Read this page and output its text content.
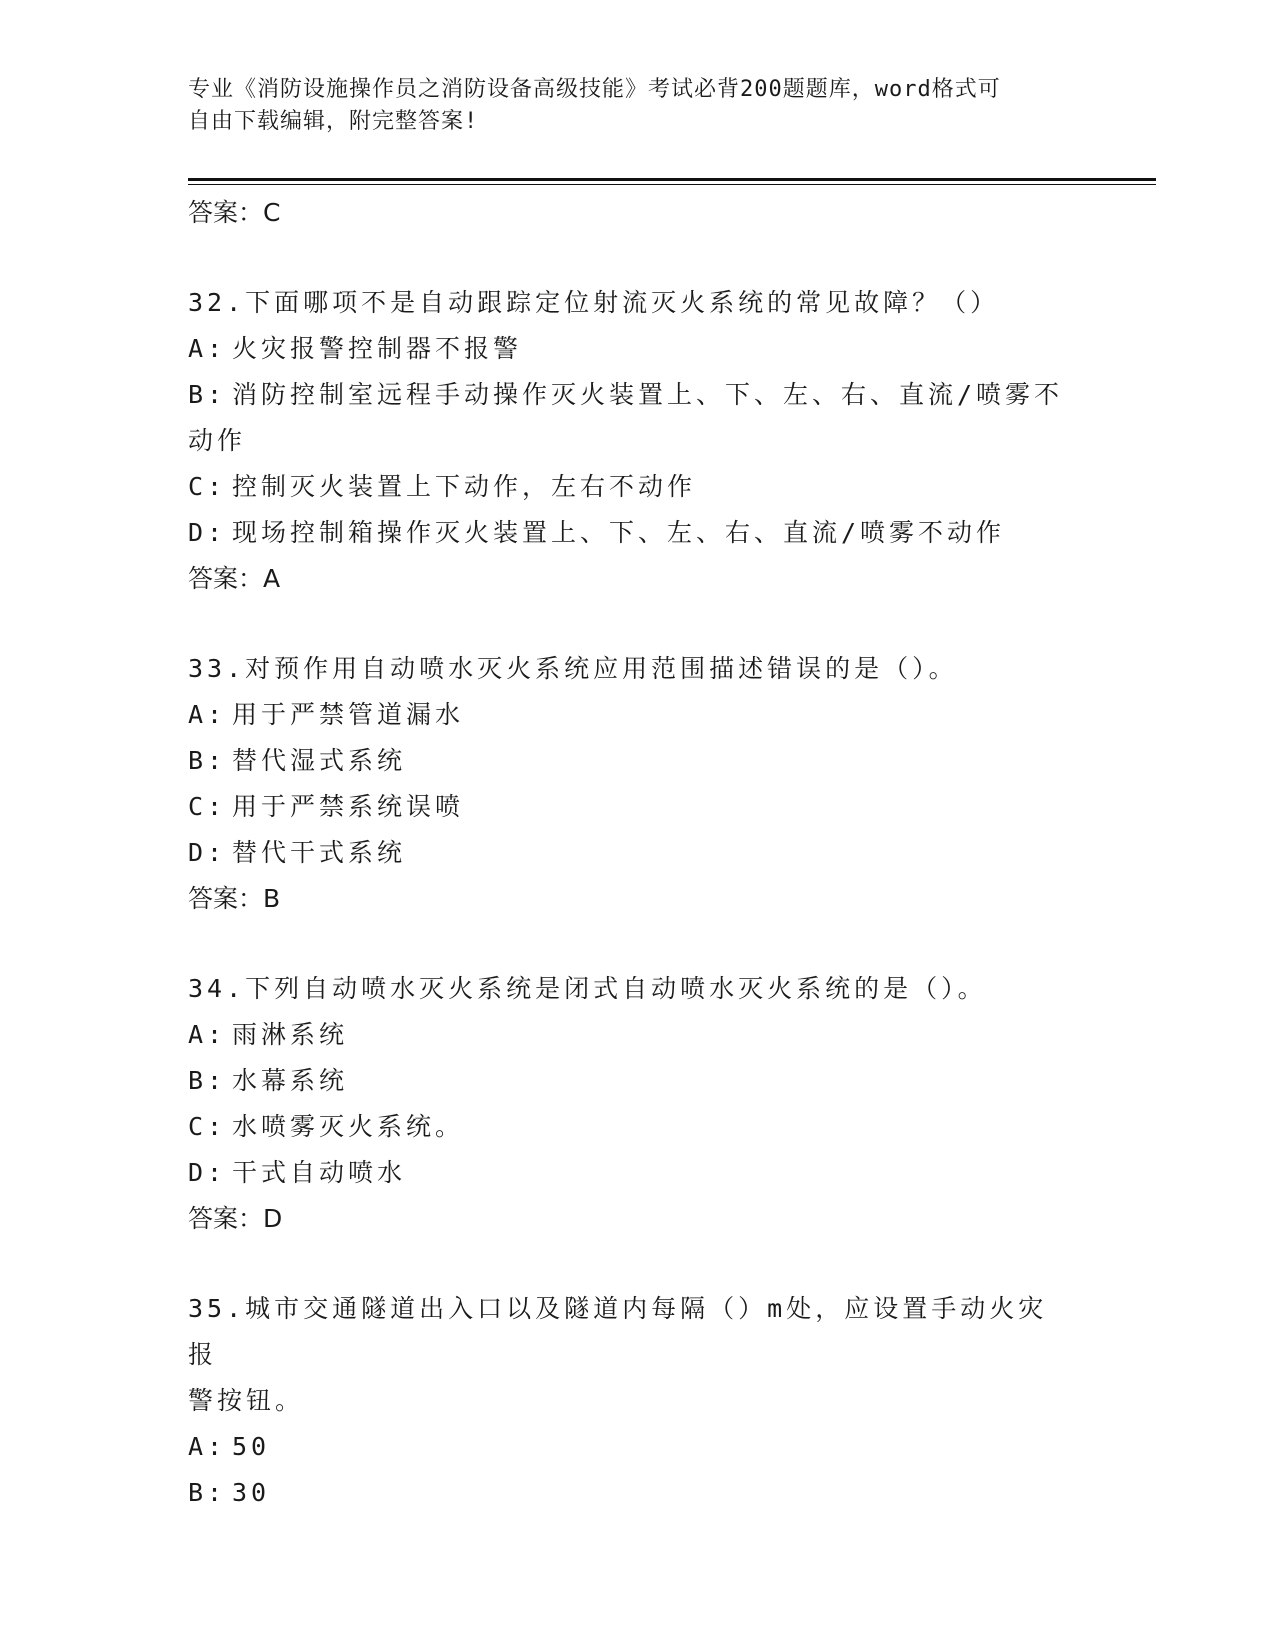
专业《消防设施操作员之消防设备高级技能》考试必背200题题库，word格式可
自由下载编辑，附完整答案!
答案：C
32.下面哪项不是自动跟踪定位射流灭火系统的常见故障？（）
A: 火灾报警控制器不报警
B: 消防控制室远程手动操作灭火装置上、下、左、右、直流/喷雾不
动作
C: 控制灭火装置上下动作，左右不动作
D: 现场控制箱操作灭火装置上、下、左、右、直流/喷雾不动作
答案：A
33.对预作用自动喷水灭火系统应用范围描述错误的是（）。
A: 用于严禁管道漏水
B: 替代湿式系统
C: 用于严禁系统误喷
D: 替代干式系统
答案：B
34.下列自动喷水灭火系统是闭式自动喷水灭火系统的是（）。
A: 雨淋系统
B: 水幕系统
C: 水喷雾灭火系统。
D: 干式自动喷水
答案：D
35.城市交通隧道出入口以及隧道内每隔（）m处，应设置手动火灾报
警按钮。
A: 50
B: 30
